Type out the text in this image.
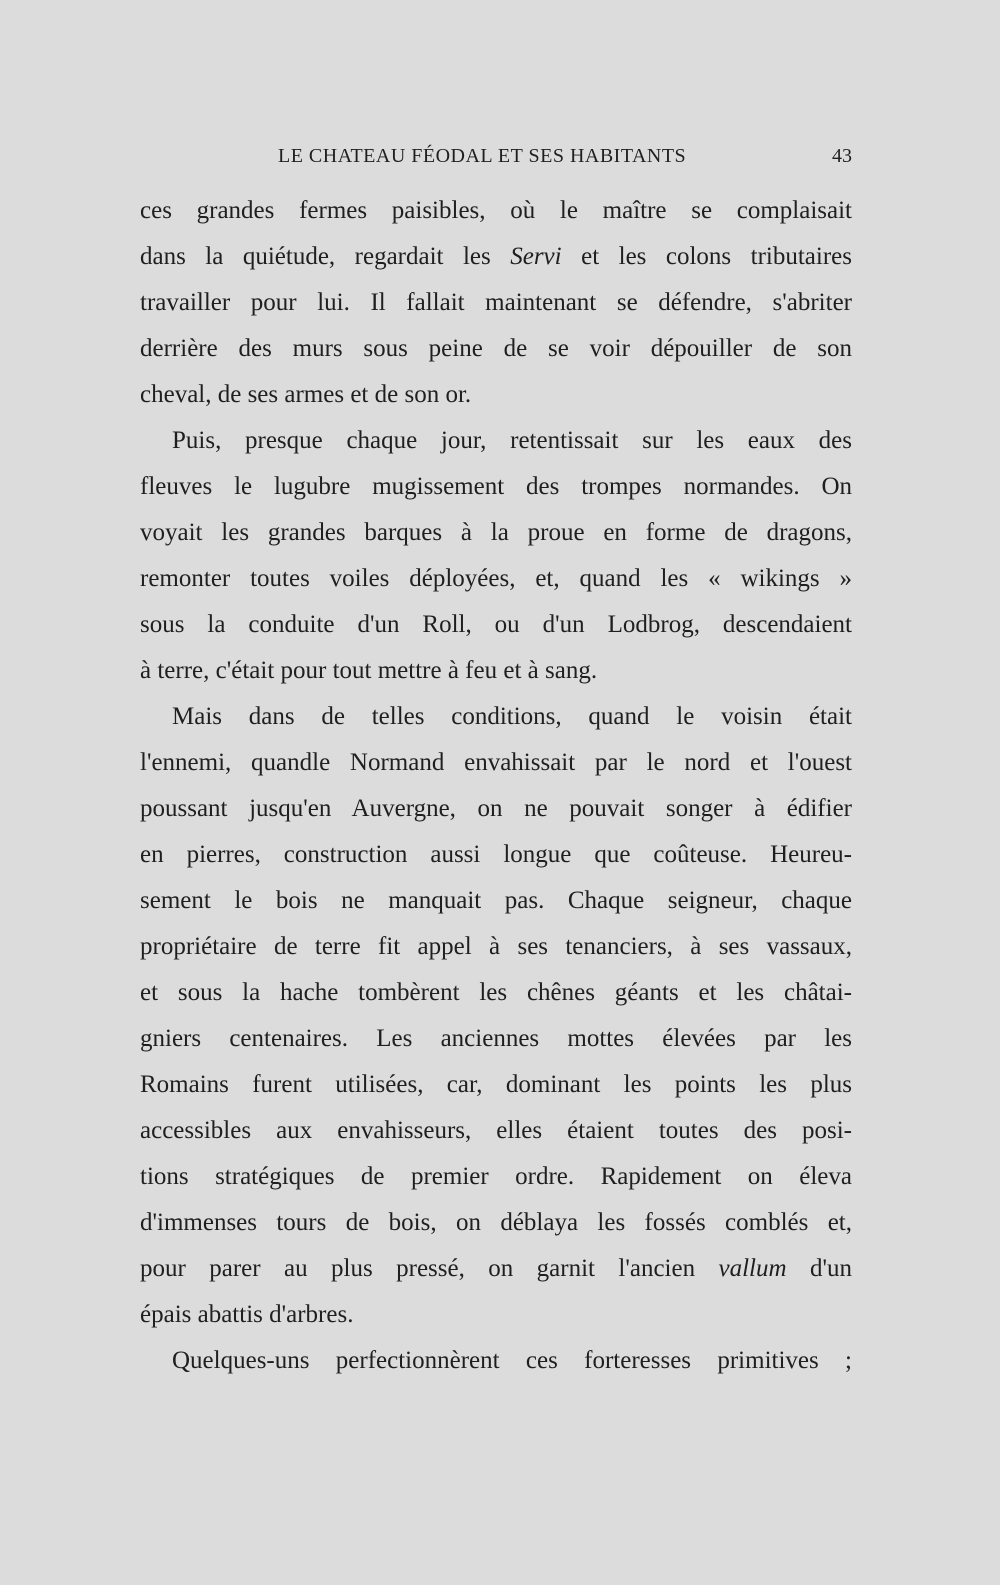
LE CHATEAU FÉODAL ET SES HABITANTS	43
ces grandes fermes paisibles, où le maître se complaisait
dans la quiétude, regardait les Servi et les colons tributaires
travailler pour lui. Il fallait maintenant se défendre, s'abriter
derrière des murs sous peine de se voir dépouiller de son
cheval, de ses armes et de son or.
Puis, presque chaque jour, retentissait sur les eaux des
fleuves le lugubre mugissement des trompes normandes. On
voyait les grandes barques à la proue en forme de dragons,
remonter toutes voiles déployées, et, quand les « wikings »
sous la conduite d'un Roll, ou d'un Lodbrog, descendaient
à terre, c'était pour tout mettre à feu et à sang.
Mais dans de telles conditions, quand le voisin était
l'ennemi, quandle Normand envahissait par le nord et l'ouest
poussant jusqu'en Auvergne, on ne pouvait songer à édifier
en pierres, construction aussi longue que coûteuse. Heureu-
sement le bois ne manquait pas. Chaque seigneur, chaque
propriétaire de terre fit appel à ses tenanciers, à ses vassaux,
et sous la hache tombèrent les chênes géants et les châtai-
gniers centenaires. Les anciennes mottes élevées par les
Romains furent utilisées, car, dominant les points les plus
accessibles aux envahisseurs, elles étaient toutes des posi-
tions stratégiques de premier ordre. Rapidement on éleva
d'immenses tours de bois, on déblaya les fossés comblés et,
pour parer au plus pressé, on garnit l'ancien vallum d'un
épais abattis d'arbres.
Quelques-uns perfectionnèrent ces forteresses primitives ;
